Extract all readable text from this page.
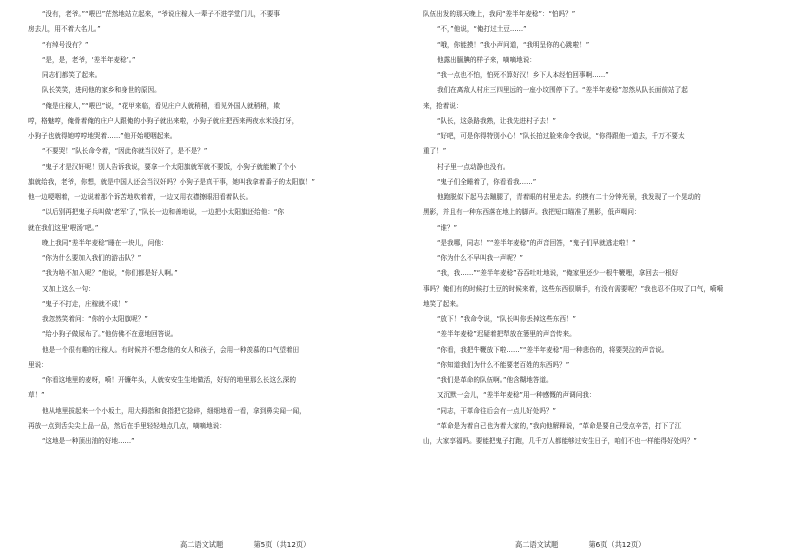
“没有，老爷。”“喂巴”茫然地站立起来，“爷说庄稼人一辈子不进学堂门儿，不要事
房去儿，用不着大名儿。”
“有绰号没有？”
“是，是，老爷，‘差半年麦稔’。”
同志们都笑了起来。
队长笑笑，进问他的家乡和身世的原因。
“俺是庄稼人，”“喂巴”说，“花甲来临，看见庄户人就稍稍，看见外国人就稍稍，欺
哼，格魅哼，俺骨着俺的庄户人跟俺的小狗子就出来啦，小狗子就庄把西来两夜水米没打牙，
小狗子也就得她哼哼地哭着……”他开始哽咽起来。
“不要哭！”队长命令着，“因此你就当汉奸了，是不是？”
“鬼子才是汉奸呢！别人告诉我说，要拿一个太阳旗就军就不要饭，小狗子就能嫩了个小
旗就给我，老爷，你想，就是中国人还会当汉奸吗？小狗子是真干事，她叫我拿着番子的太阳旗！”
他一边哽咽着，一边说着那个诉苦地吹着着，一边又用衣襟擦眼泪看着队长。
“以后别再把鬼子兵叫做‘老军’了，”队长一边和善地说，一边把小太阳旗还给他：“你
就在我们这里‘喂汤’吧。”
晚上我同“差半年麦稔”睡在一块儿，问他：
“你为什么要加入我们的游击队？”
“我为啥不加入呢？”他说，“你们都是好人啊。”
又加上这么一句：
“鬼子不打走，庄稼就不成！”
我忽然笑着问：“你的小太阳旗呢？”
“给小狗子做尿布了。”他仿佛不在意地回答说。
他是一个很有趣的庄稼人。有时候并不想念他的女人和孩子，会用一种羡慕的口气望着田
里说：
“你看这地里的麦呀，嗬！开镰年头，人就安安生生地做活，好好的地里那么长这么深的
草！”
他从地里拔起来一个小坂土，用大拇指和食指把它捻碎，细细地看一看，拿到鼻尖闻一闻，
再放一点到舌尖尖上品一品，然后在手里轻轻地点几点，嘀嘀地说：
“这地是一种顶出油的好地……”
高二语文试题	第5页（共12页）
队伍出发的那天晚上，我问“差半年麦稔”：“怕吗？”
“不，”他说，“俺打过土豆……”
“哦，你能摸！”我小声问道，“我明呈你的心跳啦！”
他露出腼腆的样子来，嘀嘀地说：
“我一点也不怕，怕死不算好汉！乡下人本经怕回事啊……”
我们在离敌人村庄三四里远的一座小坟围停下了。“差半年麦稔”忽然从队长面前站了起
来，抢着说：
“队长，这条路我熟，让我先进村子去！”
“好吧，可是你得特别小心！”队长拍过脸来命令我说，“你得跟他一道去，千万不要太
重了！”
村子里一点动静也没有。
“鬼子们全睡着了，你看看我……”
他跑脱似下起马去蹦腿了，青着眼的村里走去。约摸有二十分钟光景，我发现了一个晃动的
黑影，并且有一种东西落在地上的脚声。我把短口瞄准了黑影，低声喝问：
“谁？”
“是我哪，同志！”“差半年麦稔”的声音回答，“鬼子们早就逃走啦！”
“你为什么不早叫我一声呢？”
“我，我……”“差半年麦稔”吞吞吐吐地说，“俺家里还少一根牛鞭哩，拿回去一根好
事吗？俺们有的时候打土豆的时候来着，这些东西很顺手，有没有需要呢？”我也忍不住叹了口气，嗬嗬
地笑了起来。
“放下！”我命令说，“队长叫你丢掉这些东西！”
“差半年麦稔”迟疑着把犁放在篓里的声音传来。
“你看，我把牛鞭放下啦……”“差半年麦稔”用一种悲伤的，将要哭泣的声音说。
“你知道我们为什么不能要老百姓的东西吗？”
“我们是革命的队伍啊。”他含糊地答道。
又沉默一会儿，“差半年麦稔”用一种感慨的声调问我：
“同志，干革命往后会有一点儿好处吗？”
“革命是为着自己也为着大家的，”我向他解释说，“革命是要自己受点辛苦，打下了江
山，大家享福吗。要能把鬼子打跑，几千万人都能够过安生日子，咱们不也一样能得好处吗？”
高二语文试题	第6页（共12页）
